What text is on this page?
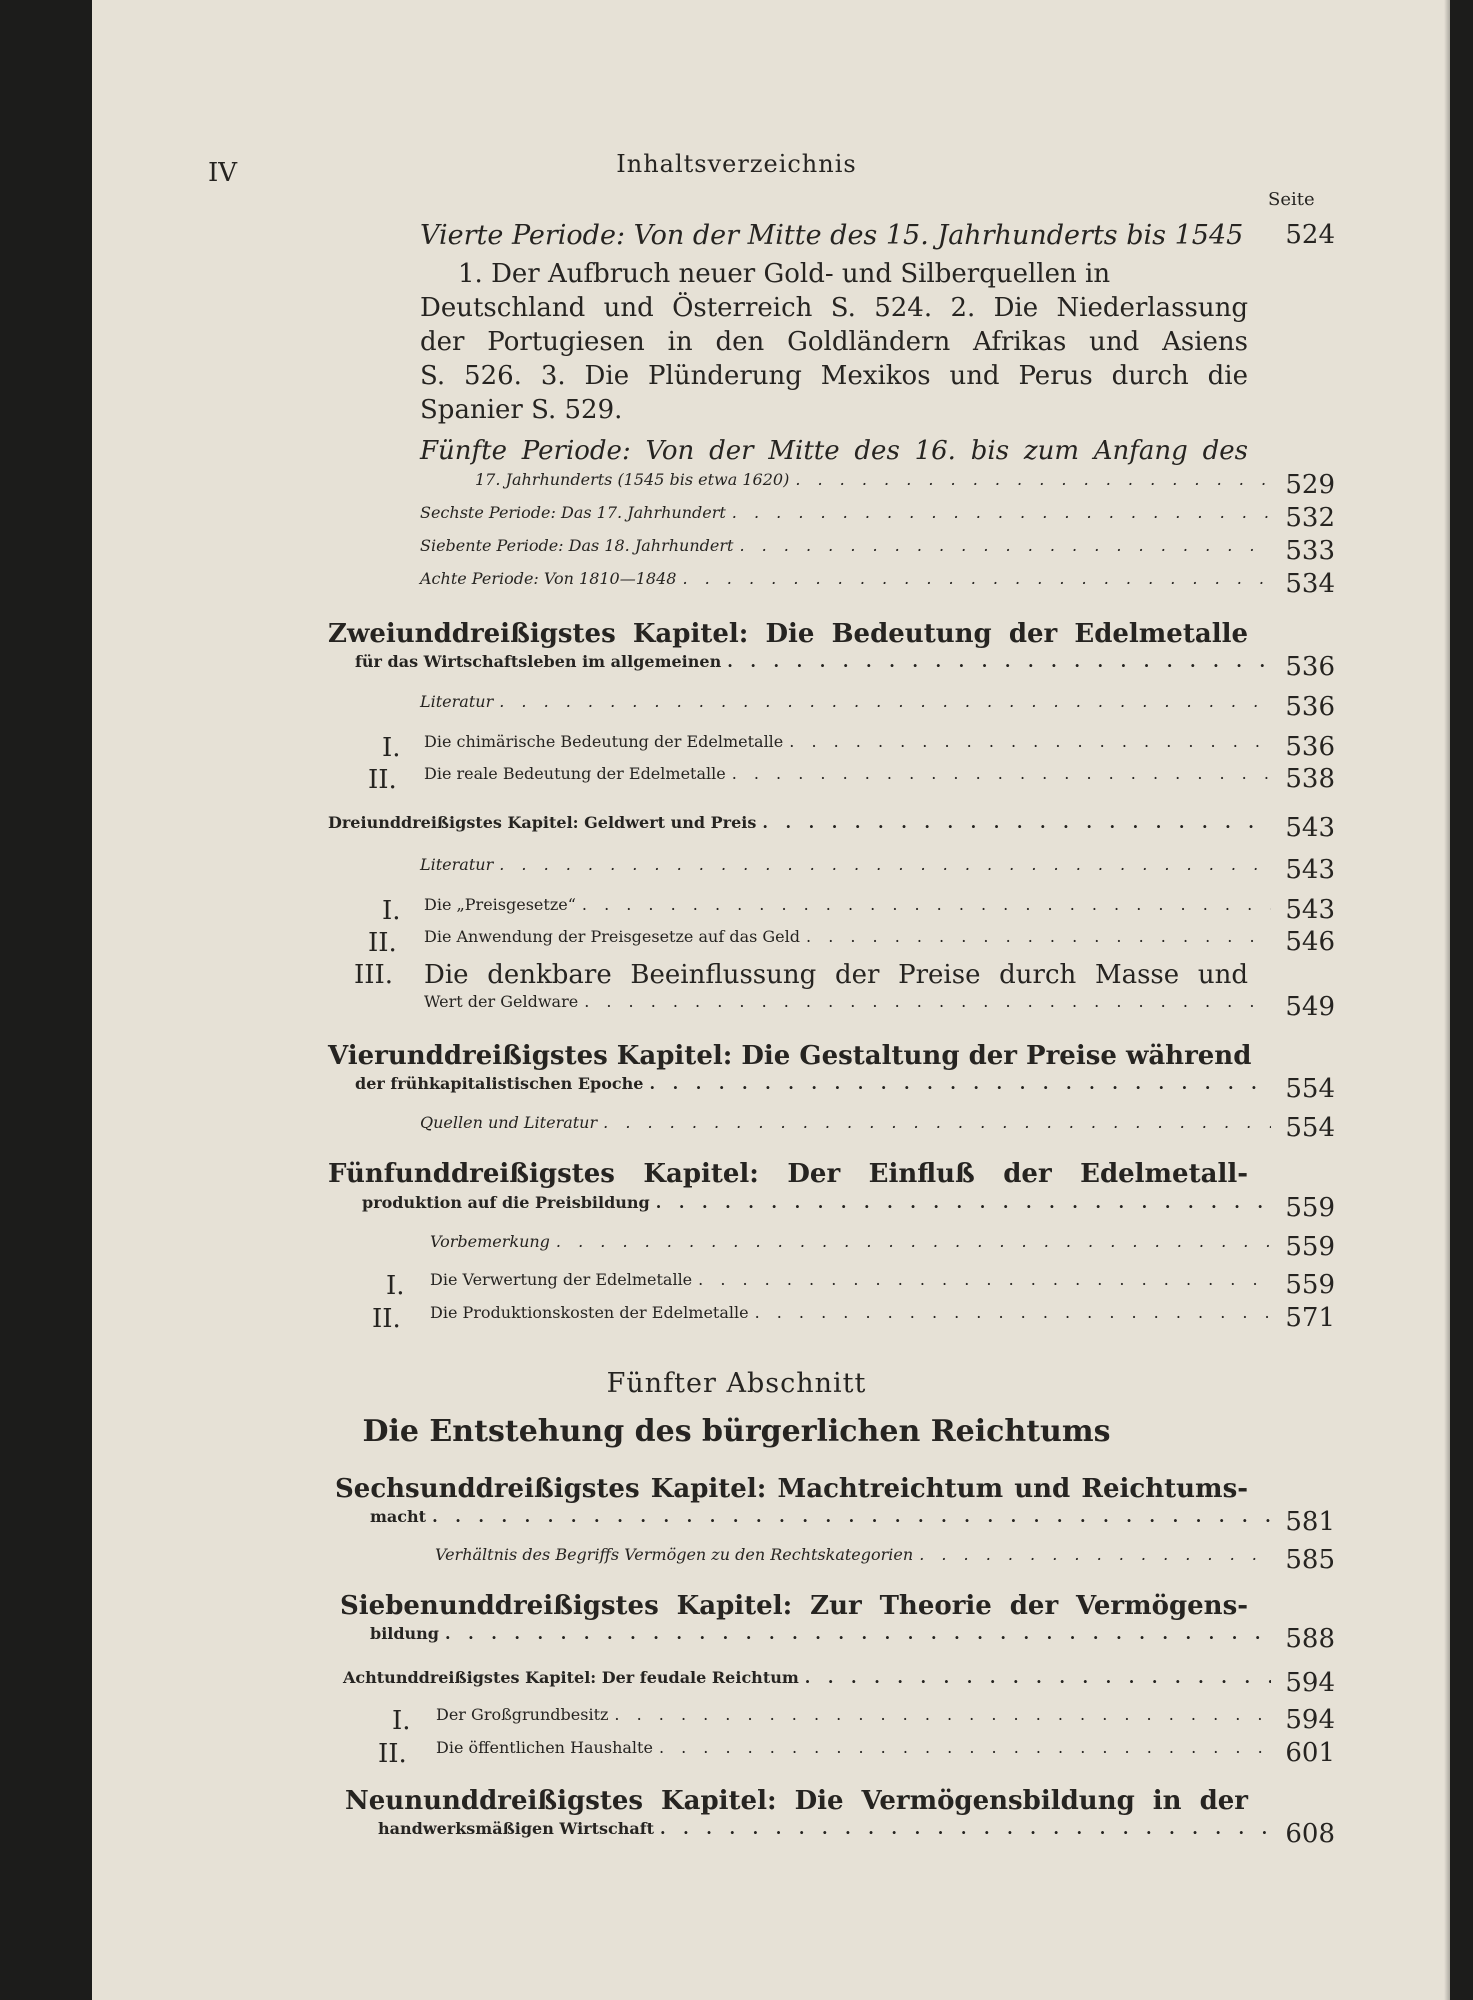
IV	Inhaltsverzeichnis
Seite
Vierte Periode: Von der Mitte des 15. Jahrhunderts bis 1545	524
1. Der Aufbruch neuer Gold- und Silberquellen in
Deutschland und Österreich S. 524. 2. Die Niederlassung
der Portugiesen in den Goldländern Afrikas und Asiens
S. 526. 3. Die Plünderung Mexikos und Perus durch die
Spanier S. 529.
Fünfte Periode: Von der Mitte des 16. bis zum Anfang des
17. Jahrhunderts (1545 bis etwa 1620) . . .	529
Sechste Periode: Das 17. Jahrhundert . . .	532
Siebente Periode: Das 18. Jahrhundert . . .	533
Achte Periode: Von 1810—1848 . . .	534
Zweiunddreißigstes Kapitel: Die Bedeutung der Edelmetalle
für das Wirtschaftsleben im allgemeinen . . .	536
Literatur . . .	536
I. Die chimärische Bedeutung der Edelmetalle . . .	536
II. Die reale Bedeutung der Edelmetalle . . .	538
Dreiunddreißigstes Kapitel: Geldwert und Preis . . .	543
Literatur . . .	543
I. Die „Preisgesetze“ . . .	543
II. Die Anwendung der Preisgesetze auf das Geld . . .	546
III. Die denkbare Beeinflussung der Preise durch Masse und
Wert der Geldware . . .	549
Vierunddreißigstes Kapitel: Die Gestaltung der Preise während
der frühkapitalistischen Epoche . . .	554
Quellen und Literatur . . .	554
Fünfunddreißigstes Kapitel: Der Einfluß der Edelmetall-
produktion auf die Preisbildung . . .	559
Vorbemerkung . . .	559
I. Die Verwertung der Edelmetalle . . .	559
II. Die Produktionskosten der Edelmetalle . . .	571
Fünfter Abschnitt
Die Entstehung des bürgerlichen Reichtums
Sechsunddreißigstes Kapitel: Machtreichtum und Reichtums-
macht . . .	581
Verhältnis des Begriffs Vermögen zu den Rechtskategorien . . .	585
Siebenunddreißigstes Kapitel: Zur Theorie der Vermögens-
bildung . . .	588
Achtunddreißigstes Kapitel: Der feudale Reichtum . . .	594
I. Der Großgrundbesitz . . .	594
II. Die öffentlichen Haushalte . . .	601
Neununddreißigstes Kapitel: Die Vermögensbildung in der
handwerksmäßigen Wirtschaft . . .	608
